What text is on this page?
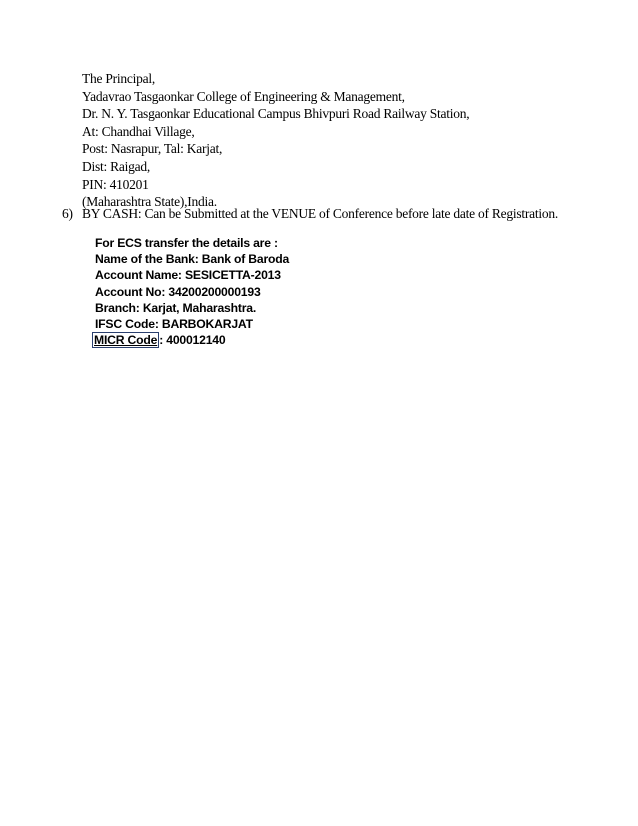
The Principal,
Yadavrao Tasgaonkar College of Engineering & Management,
Dr. N. Y. Tasgaonkar Educational Campus Bhivpuri Road Railway Station,
At: Chandhai Village,
Post: Nasrapur, Tal: Karjat,
Dist: Raigad,
PIN: 410201
(Maharashtra State),India.
6) BY CASH: Can be Submitted at the VENUE of Conference before late date of Registration.
For ECS transfer the details are :
Name of the Bank: Bank of Baroda
Account Name: SESICETTA-2013
Account No: 34200200000193
Branch: Karjat, Maharashtra.
IFSC Code: BARBOKARJAT
MICR Code : 400012140
